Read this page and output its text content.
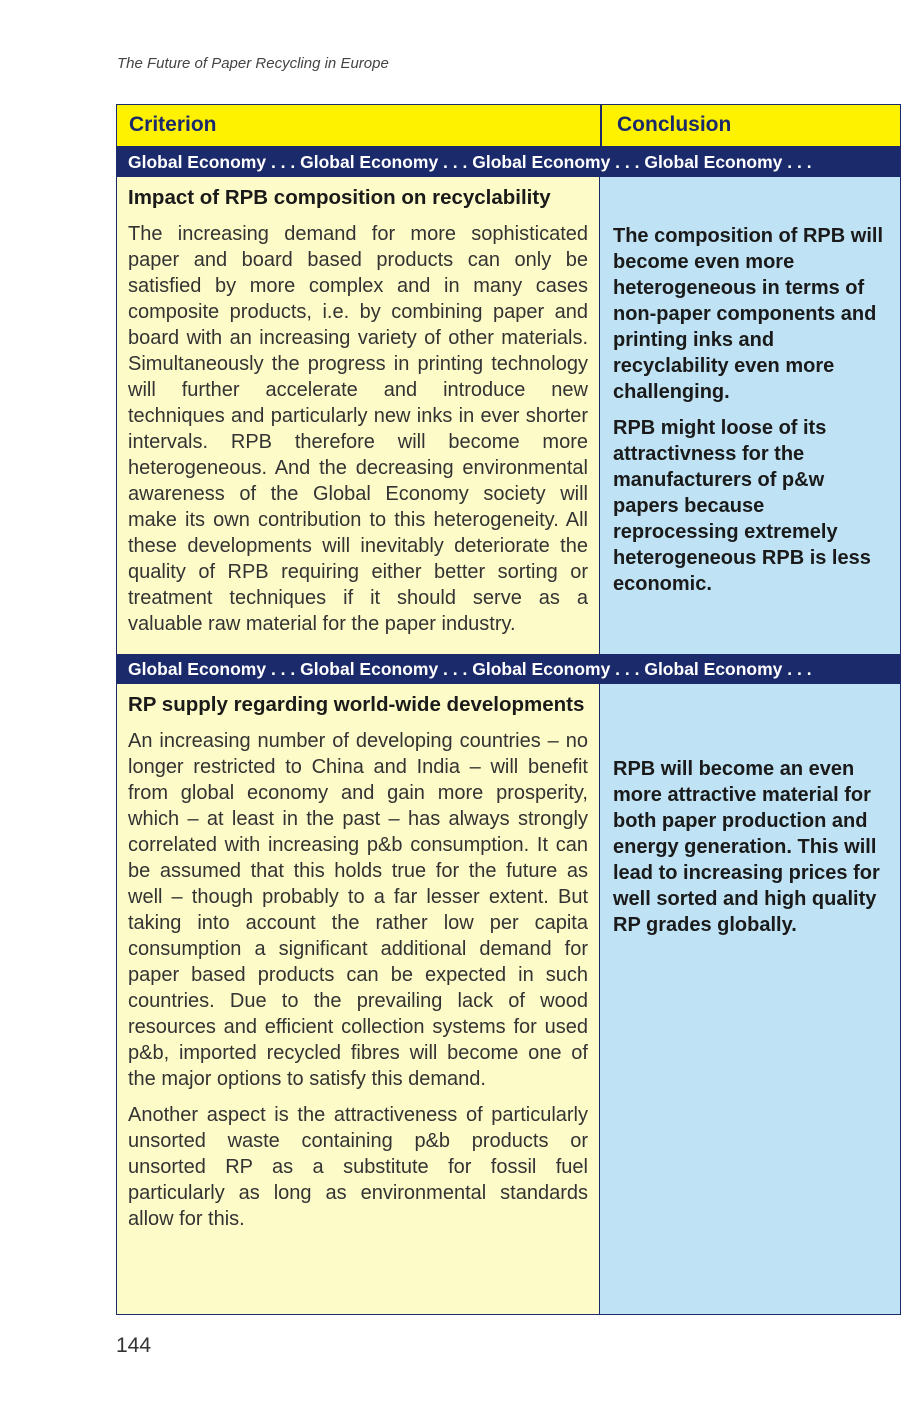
The Future of Paper Recycling in Europe
Criterion	Conclusion
Global Economy . . . Global Economy . . . Global Economy . . . Global Economy . . .
Impact of RPB composition on recyclability

The increasing demand for more sophisticated paper and board based products can only be satisfied by more complex and in many cases composite products, i.e. by combining paper and board with an increasing variety of other materials. Simultaneously the progress in printing technology will further accelerate and introduce new techniques and particularly new inks in ever shorter intervals. RPB therefore will become more heterogeneous. And the decreasing environmental awareness of the Global Economy society will make its own contribution to this heterogeneity. All these developments will inevitably deteriorate the quality of RPB requiring either better sorting or treatment techniques if it should serve as a valuable raw material for the paper industry.

The composition of RPB will become even more heterogeneous in terms of non-paper components and printing inks and recyclability even more challenging.

RPB might loose of its attractivness for the manufacturers of p&w papers because reprocessing extremely heterogeneous RPB is less economic.

Global Economy . . . Global Economy . . . Global Economy . . . Global Economy . . .
RP supply regarding world-wide developments

An increasing number of developing countries – no longer restricted to China and India – will benefit from global economy and gain more prosperity, which – at least in the past – has always strongly correlated with increasing p&b consumption. It can be assumed that this holds true for the future as well – though probably to a far lesser extent. But taking into account the rather low per capita consumption a significant additional demand for paper based products can be expected in such countries. Due to the prevailing lack of wood resources and efficient collection systems for used p&b, imported recycled fibres will become one of the major options to satisfy this demand.

Another aspect is the attractiveness of particularly unsorted waste containing p&b products or unsorted RP as a substitute for fossil fuel particularly as long as environmental standards allow for this.

RPB will become an even more attractive material for both paper production and energy generation. This will lead to increasing prices for well sorted and high quality RP grades globally.

144
